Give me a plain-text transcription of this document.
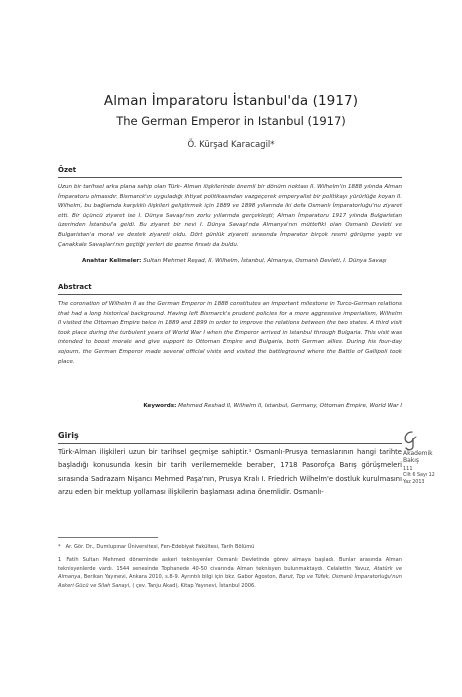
Alman İmparatoru İstanbul'da (1917)
The German Emperor in Istanbul (1917)
Ö. Kürşad Karacagil*
Özet
Uzun bir tarihsel arka plana sahip olan Türk- Alman ilişkilerinde önemli bir dönüm noktası II. Wilhelm'in 1888 yılında Alman İmparatoru olmasıdır. Bismarck'ın uyguladığı ihtiyat politikasından vazgeçerek emperyalist bir politikayı yürürlüğe koyan II. Wilhelm, bu bağlamda karşılıklı ilişkileri geliştirmek için 1889 ve 1898 yıllarında iki defa Osmanlı İmparatorluğu'nu ziyaret etti. Bir üçüncü ziyaret ise I. Dünya Savaşı'nın zorlu yıllarında gerçekleşti; Alman İmparatoru 1917 yılında Bulgaristan üzerinden İstanbul'a geldi. Bu ziyaret bir nevi I. Dünya Savaşı'nda Almanya'nın müttefiki olan Osmanlı Devleti ve Bulgaristan'a moral ve destek ziyareti oldu. Dört günlük ziyareti sırasında İmparator birçok resmi görüşme yaptı ve Çanakkale Savaşları'nın geçtiği yerleri de gezme fırsatı da buldu.
Anahtar Kelimeler: Sultan Mehmet Reşad, II. Wilhelm, İstanbul, Almanya, Osmanlı Devleti, I. Dünya Savaşı
Abstract
The coronation of Wilhelm II as the German Emperor in 1888 constitutes an important milestone in Turco-German relations that had a long historical background. Having left Bismarck's prudent policies for a more aggressive imperialism, Wilhelm II visited the Ottoman Empire twice in 1889 and 1899 in order to improve the relations between the two states. A third visit took place during the turbulent years of World War I when the Emperor arrived in Istanbul through Bulgaria. This visit was intended to boost morale and give support to Ottoman Empire and Bulgaria, both German allies. During his four-day sojourn, the German Emperor made several official visits and visited the battleground where the Battle of Gallipoli took place.
Keywords: Mehmed Reshad II, Wilhelm II, Istanbul, Germany, Ottoman Empire, World War I
Giriş
Türk-Alman ilişkileri uzun bir tarihsel geçmişe sahiptir.¹ Osmanlı-Prusya temaslarının hangi tarihte başladığı konusunda kesin bir tarih verilememekle beraber, 1718 Pasorofça Barış görüşmeleri sırasında Sadrazam Nişancı Mehmed Paşa'nın, Prusya Kralı I. Friedrich Wilhelm'e dostluk kurulmasını arzu eden bir mektup yollaması ilişkilerin başlaması adına önemlidir. Osmanlı-
* Ar. Gör. Dr., Dumlupınar Üniversitesi, Fen-Edebiyat Fakültesi, Tarih Bölümü
1 Fatih Sultan Mehmed döneminde askeri teknisyenler Osmanlı Devletinde görev almaya başladı. Bunlar arasında Alman teknisyenlerde vardı. 1544 senesinde Tophanede 40-50 civarında Alman teknisyen bulunmaktaydı. Celalettin Yavuz, Atatürk ve Almanya, Berikan Yayınevi, Ankara 2010, s.8-9. Ayrıntılı bilgi için bkz. Gabor Agoston, Barut, Top ve Tüfek, Osmanlı İmparatorluğu'nun Askeri Gücü ve Silah Sanayi, ( çev. Tanju Akad), Kitap Yayınevi, İstanbul 2006.
Akademik
Bakış
111
Cilt 6 Sayı 12
Yaz 2013
